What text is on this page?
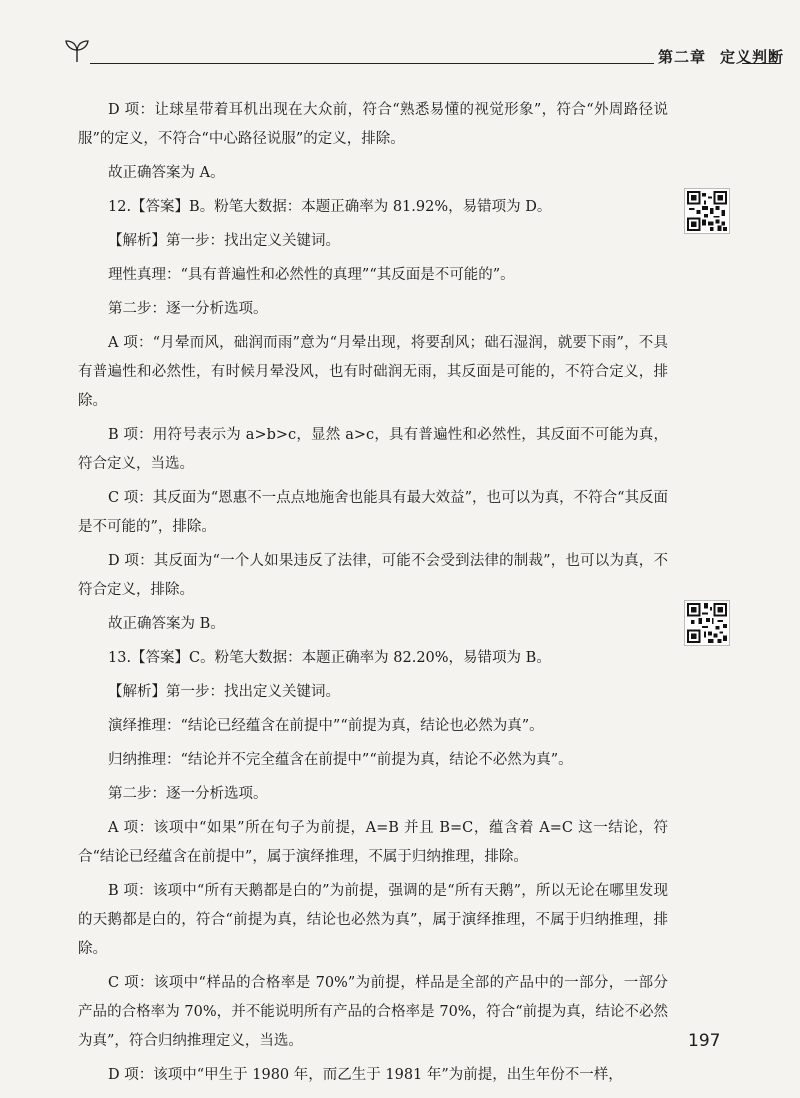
第二章 定义判断

D 项：让球星带着耳机出现在大众前，符合“熟悉易懂的视觉形象”，符合“外周路径说服”的定义，不符合“中心路径说服”的定义，排除。

故正确答案为 A。

12.【答案】B。粉笔大数据：本题正确率为 81.92%，易错项为 D。

【解析】第一步：找出定义关键词。

理性真理：“具有普遍性和必然性的真理”“其反面是不可能的”。

第二步：逐一分析选项。

A 项：“月晕而风，础润而雨”意为“月晕出现，将要刮风；础石湿润，就要下雨”，不具有普遍性和必然性，有时候月晕没风，也有时础润无雨，其反面是可能的，不符合定义，排除。

B 项：用符号表示为 a>b>c，显然 a>c，具有普遍性和必然性，其反面不可能为真，符合定义，当选。

C 项：其反面为“恩惠不一点点地施舍也能具有最大效益”，也可以为真，不符合“其反面是不可能的”，排除。

D 项：其反面为“一个人如果违反了法律，可能不会受到法律的制裁”，也可以为真，不符合定义，排除。

故正确答案为 B。

13.【答案】C。粉笔大数据：本题正确率为 82.20%，易错项为 B。

【解析】第一步：找出定义关键词。

演绎推理：“结论已经蕴含在前提中”“前提为真，结论也必然为真”。

归纳推理：“结论并不完全蕴含在前提中”“前提为真，结论不必然为真”。

第二步：逐一分析选项。

A 项：该项中“如果”所在句子为前提，A=B 并且 B=C，蕴含着 A=C 这一结论，符合“结论已经蕴含在前提中”，属于演绎推理，不属于归纳推理，排除。

B 项：该项中“所有天鹅都是白的”为前提，强调的是“所有天鹅”，所以无论在哪里发现的天鹅都是白的，符合“前提为真，结论也必然为真”，属于演绎推理，不属于归纳推理，排除。

C 项：该项中“样品的合格率是 70%”为前提，样品是全部的产品中的一部分，一部分产品的合格率为 70%，并不能说明所有产品的合格率是 70%，符合“前提为真，结论不必然为真”，符合归纳推理定义，当选。

D 项：该项中“甲生于 1980 年，而乙生于 1981 年”为前提，出生年份不一样，

197
